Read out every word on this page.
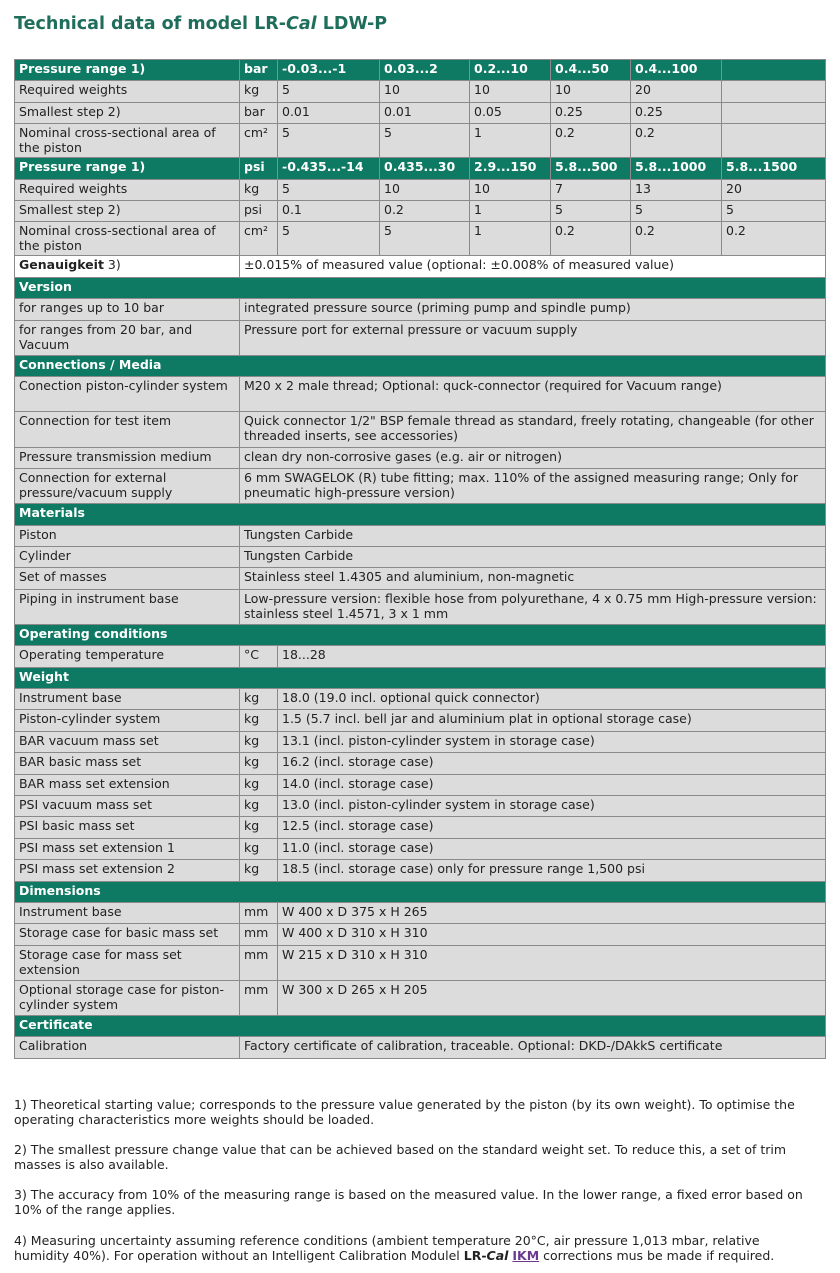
Technical data of model LR-Cal LDW-P
Pressure range 1)	bar	-0.03...-1	0.03...2	0.2...10	0.4...50	0.4...100	
Required weights	kg	5	10	10	10	20	
Smallest step 2)	bar	0.01	0.01	0.05	0.25	0.25	
Nominal cross-sectional area of the piston	cm²	5	5	1	0.2	0.2	
Pressure range 1)	psi	-0.435...-14	0.435...30	2.9...150	5.8...500	5.8...1000	5.8...1500
Required weights	kg	5	10	10	7	13	20
Smallest step 2)	psi	0.1	0.2	1	5	5	5
Nominal cross-sectional area of the piston	cm²	5	5	1	0.2	0.2	0.2
Genauigkeit 3)	±0.015% of measured value (optional: ±0.008% of measured value)						
Version							
for ranges up to 10 bar	integrated pressure source (priming pump and spindle pump)						
for ranges from 20 bar, and Vacuum	Pressure port for external pressure or vacuum supply						
Connections / Media							
Conection piston-cylinder system	M20 x 2 male thread; Optional: quck-connector (required for Vacuum range)						
Connection for test item	Quick connector 1/2" BSP female thread as standard, freely rotating, changeable (for other threaded inserts, see accessories)						
Pressure transmission medium	clean dry non-corrosive gases (e.g. air or nitrogen)						
Connection for external pressure/vacuum supply	6 mm SWAGELOK (R) tube fitting; max. 110% of the assigned measuring range; Only for pneumatic high-pressure version)						
Materials							
Piston	Tungsten Carbide						
Cylinder	Tungsten Carbide						
Set of masses	Stainless steel 1.4305 and aluminium, non-magnetic						
Piping in instrument base	Low-pressure version: flexible hose from polyurethane, 4 x 0.75 mm High-pressure version: stainless steel 1.4571, 3 x 1 mm						
Operating conditions							
Operating temperature	°C	18...28					
Weight							
Instrument base	kg	18.0 (19.0 incl. optional quick connector)					
Piston-cylinder system	kg	1.5 (5.7 incl. bell jar and aluminium plat in optional storage case)					
BAR vacuum mass set	kg	13.1 (incl. piston-cylinder system in storage case)					
BAR basic mass set	kg	16.2 (incl. storage case)					
BAR mass set extension	kg	14.0 (incl. storage case)					
PSI vacuum mass set	kg	13.0 (incl. piston-cylinder system in storage case)					
PSI basic mass set	kg	12.5 (incl. storage case)					
PSI mass set extension 1	kg	11.0 (incl. storage case)					
PSI mass set extension 2	kg	18.5 (incl. storage case) only for pressure range 1,500 psi					
Dimensions							
Instrument base	mm	W 400 x D 375 x H 265					
Storage case for basic mass set	mm	W 400 x D 310 x H 310					
Storage case for mass set extension	mm	W 215 x D 310 x H 310					
Optional storage case for piston-cylinder system	mm	W 300 x D 265 x H 205					
Certificate							
Calibration	Factory certificate of calibration, traceable. Optional: DKD-/DAkkS certificate						

1) Theoretical starting value; corresponds to the pressure value generated by the piston (by its own weight). To optimise the operating characteristics more weights should be loaded.

2) The smallest pressure change value that can be achieved based on the standard weight set. To reduce this, a set of trim masses is also available.

3) The accuracy from 10% of the measuring range is based on the measured value. In the lower range, a fixed error based on 10% of the range applies.

4) Measuring uncertainty assuming reference conditions (ambient temperature 20°C, air pressure 1,013 mbar, relative humidity 40%). For operation without an Intelligent Calibration Modulel LR-Cal IKM corrections mus be made if required.
